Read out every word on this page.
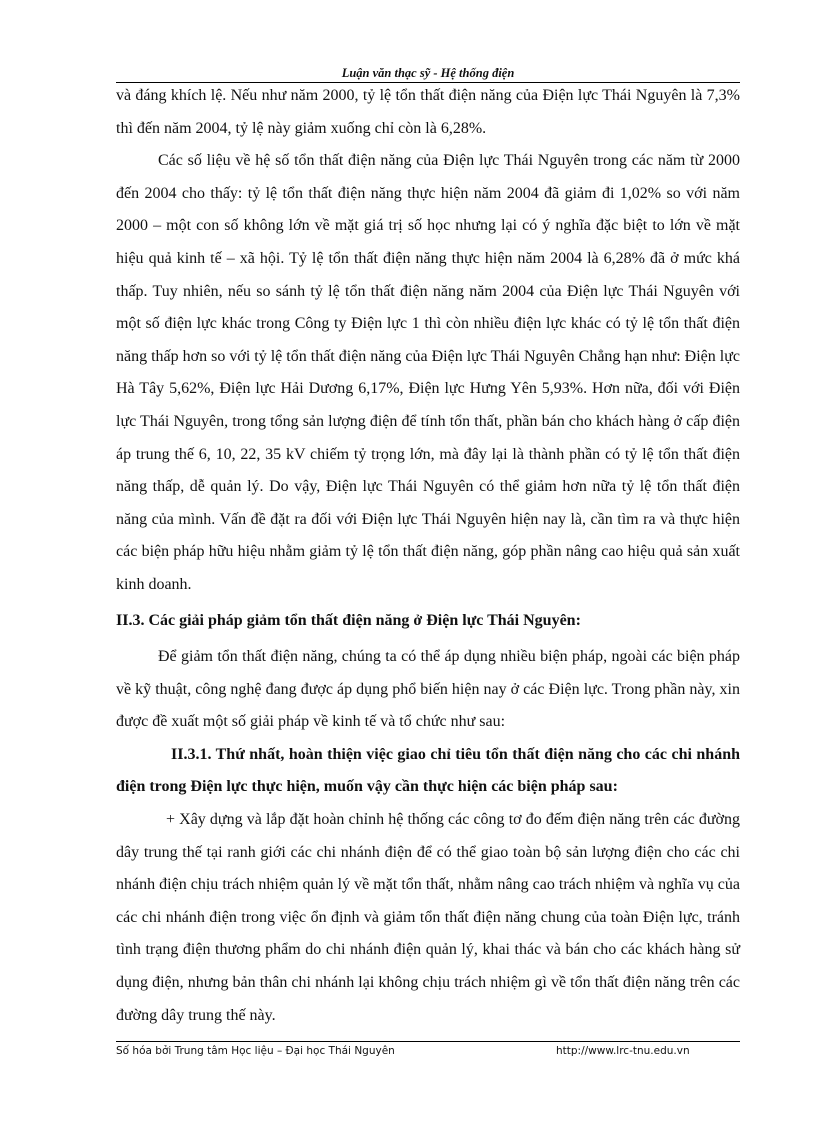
Luận văn thạc sỹ - Hệ thống điện

và đáng khích lệ. Nếu như năm 2000, tỷ lệ tổn thất điện năng của Điện lực Thái Nguyên là 7,3% thì đến năm 2004, tỷ lệ này giảm xuống chỉ còn là 6,28%.

Các số liệu về hệ số tổn thất điện năng của Điện lực Thái Nguyên trong các năm từ 2000 đến 2004 cho thấy: tỷ lệ tổn thất điện năng thực hiện năm 2004 đã giảm đi 1,02% so với năm 2000 – một con số không lớn về mặt giá trị số học nhưng lại có ý nghĩa đặc biệt to lớn về mặt hiệu quả kinh tế – xã hội. Tỷ lệ tổn thất điện năng thực hiện năm 2004 là 6,28% đã ở mức khá thấp. Tuy nhiên, nếu so sánh tỷ lệ tổn thất điện năng năm 2004 của Điện lực Thái Nguyên với một số điện lực khác trong Công ty Điện lực 1 thì còn nhiều điện lực khác có tỷ lệ tổn thất điện năng thấp hơn so với tỷ lệ tổn thất điện năng của Điện lực Thái Nguyên Chẳng hạn như: Điện lực Hà Tây 5,62%, Điện lực Hải Dương 6,17%, Điện lực Hưng Yên 5,93%. Hơn nữa, đối với Điện lực Thái Nguyên, trong tổng sản lượng điện để tính tổn thất, phần bán cho khách hàng ở cấp điện áp trung thế 6, 10, 22, 35 kV chiếm tỷ trọng lớn, mà đây lại là thành phần có tỷ lệ tổn thất điện năng thấp, dễ quản lý. Do vậy, Điện lực Thái Nguyên có thể giảm hơn nữa tỷ lệ tổn thất điện năng của mình. Vấn đề đặt ra đối với Điện lực Thái Nguyên hiện nay là, cần tìm ra và thực hiện các biện pháp hữu hiệu nhằm giảm tỷ lệ tổn thất điện năng, góp phần nâng cao hiệu quả sản xuất kinh doanh.

II.3. Các giải pháp giảm tổn thất điện năng ở Điện lực Thái Nguyên:

Để giảm tổn thất điện năng, chúng ta có thể áp dụng nhiều biện pháp, ngoài các biện pháp về kỹ thuật, công nghệ đang được áp dụng phổ biến hiện nay ở các Điện lực. Trong phần này, xin được đề xuất một số giải pháp về kinh tế và tổ chức như sau:

II.3.1. Thứ nhất, hoàn thiện việc giao chỉ tiêu tổn thất điện năng cho các chi nhánh điện trong Điện lực thực hiện, muốn vậy cần thực hiện các biện pháp sau:

+ Xây dựng và lắp đặt hoàn chỉnh hệ thống các công tơ đo đếm điện năng trên các đường dây trung thế tại ranh giới các chi nhánh điện để có thể giao toàn bộ sản lượng điện cho các chi nhánh điện chịu trách nhiệm quản lý về mặt tổn thất, nhằm nâng cao trách nhiệm và nghĩa vụ của các chi nhánh điện trong việc ổn định và giảm tổn thất điện năng chung của toàn Điện lực, tránh tình trạng điện thương phẩm do chi nhánh điện quản lý, khai thác và bán cho các khách hàng sử dụng điện, nhưng bản thân chi nhánh lại không chịu trách nhiệm gì về tổn thất điện năng trên các đường dây trung thế này.

Số hóa bởi Trung tâm Học liệu – Đại học Thái Nguyên	http://www.lrc-tnu.edu.vn
